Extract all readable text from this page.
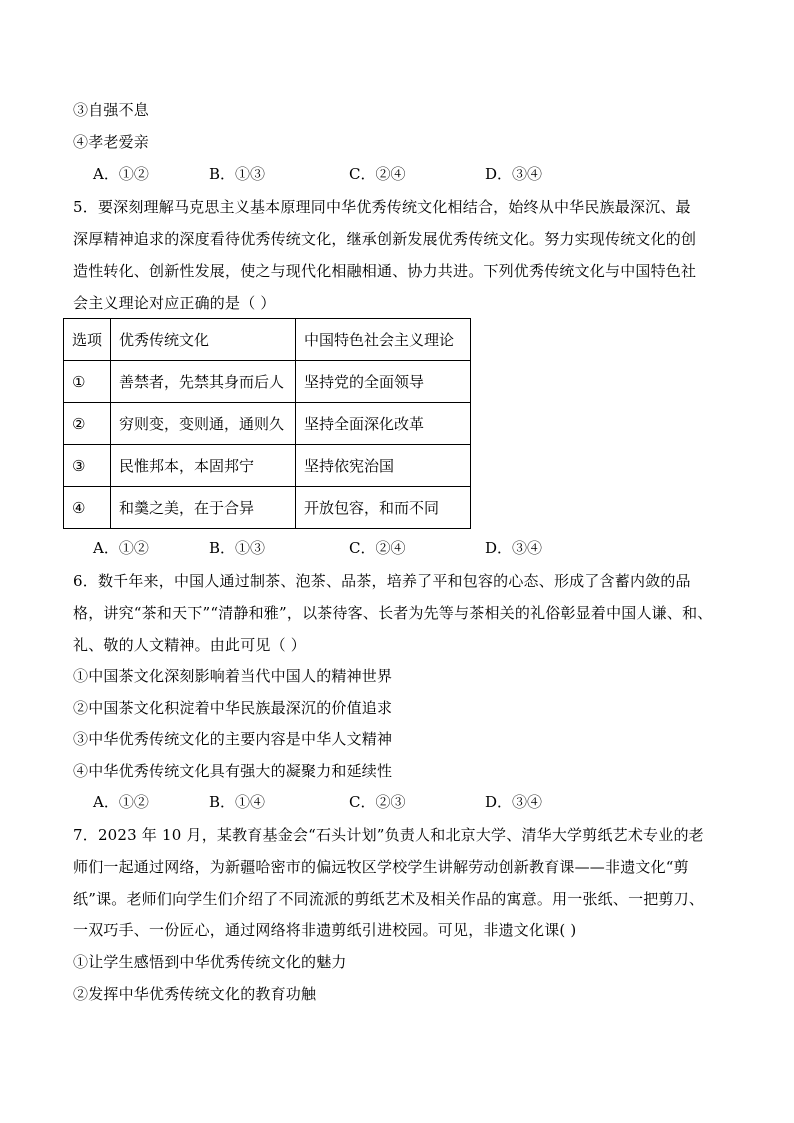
③自强不息
④孝老爱亲
A．①②	B．①③	C．②④	D．③④
5．要深刻理解马克思主义基本原理同中华优秀传统文化相结合，始终从中华民族最深沉、最
深厚精神追求的深度看待优秀传统文化，继承创新发展优秀传统文化。努力实现传统文化的创
造性转化、创新性发展，使之与现代化相融相通、协力共进。下列优秀传统文化与中国特色社
会主义理论对应正确的是（ ）
选项	优秀传统文化	中国特色社会主义理论
①	善禁者，先禁其身而后人	坚持党的全面领导
②	穷则变，变则通，通则久	坚持全面深化改革
③	民惟邦本，本固邦宁	坚持依宪治国
④	和羹之美，在于合异	开放包容，和而不同
A．①②	B．①③	C．②④	D．③④
6．数千年来，中国人通过制茶、泡茶、品茶，培养了平和包容的心态、形成了含蓄内敛的品
格，讲究“茶和天下”“清静和雅”，以茶待客、长者为先等与茶相关的礼俗彰显着中国人谦、和、
礼、敬的人文精神。由此可见（ ）
①中国茶文化深刻影响着当代中国人的精神世界
②中国茶文化积淀着中华民族最深沉的价值追求
③中华优秀传统文化的主要内容是中华人文精神
④中华优秀传统文化具有强大的凝聚力和延续性
A．①②	B．①④	C．②③	D．③④
7．2023 年 10 月，某教育基金会“石头计划”负责人和北京大学、清华大学剪纸艺术专业的老
师们一起通过网络，为新疆哈密市的偏远牧区学校学生讲解劳动创新教育课——非遗文化“剪
纸”课。老师们向学生们介绍了不同流派的剪纸艺术及相关作品的寓意。用一张纸、一把剪刀、
一双巧手、一份匠心，通过网络将非遗剪纸引进校园。可见，非遗文化课( )
①让学生感悟到中华优秀传统文化的魅力
②发挥中华优秀传统文化的教育功触
